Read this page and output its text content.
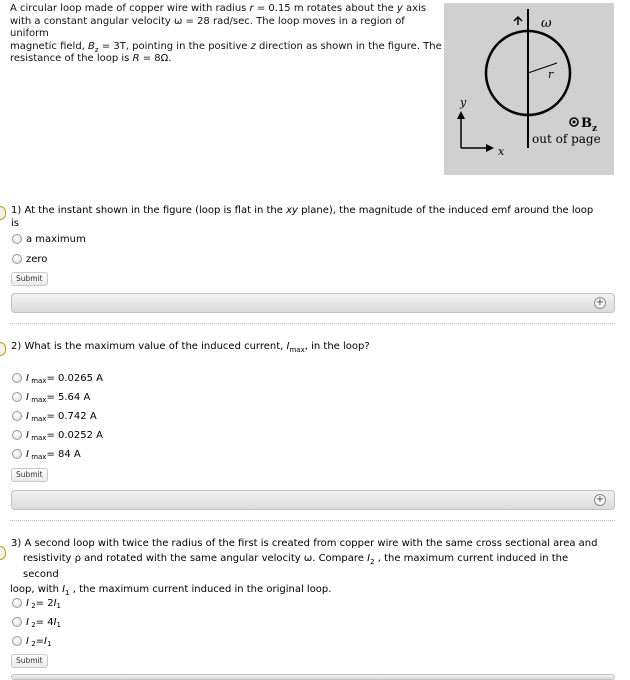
A circular loop made of copper wire with radius r = 0.15 m rotates about the y axis
with a constant angular velocity ω = 28 rad/sec. The loop moves in a region of uniform
magnetic field, $B_z = 3T$, pointing in the positive z direction as shown in the figure. The
resistance of the loop is R = 8Ω.
ω
r
y
x
B z
out of page
1) At the instant shown in the figure (loop is flat in the xy plane), the magnitude of the induced emf around the loop is
a maximum
zero
Submit
+
2) What is the maximum value of the induced current, $I_{max}$, in the loop?
I
max = 0.0265 A
I
max = 5.64 A
I
max = 0.742 A
I
max = 0.0252 A
I
max = 84 A
Submit
+
3) A second loop with twice the radius of the first is created from copper wire with the same cross sectional area and
resistivity ρ and rotated with the same angular velocity ω. Compare $I_2$ , the maximum current induced in the second
loop, with $I_1$ , the maximum current induced in the original loop.
I
2 = 2 I 1
I
2 = 4 I 1
I
2 = I 1
Submit
